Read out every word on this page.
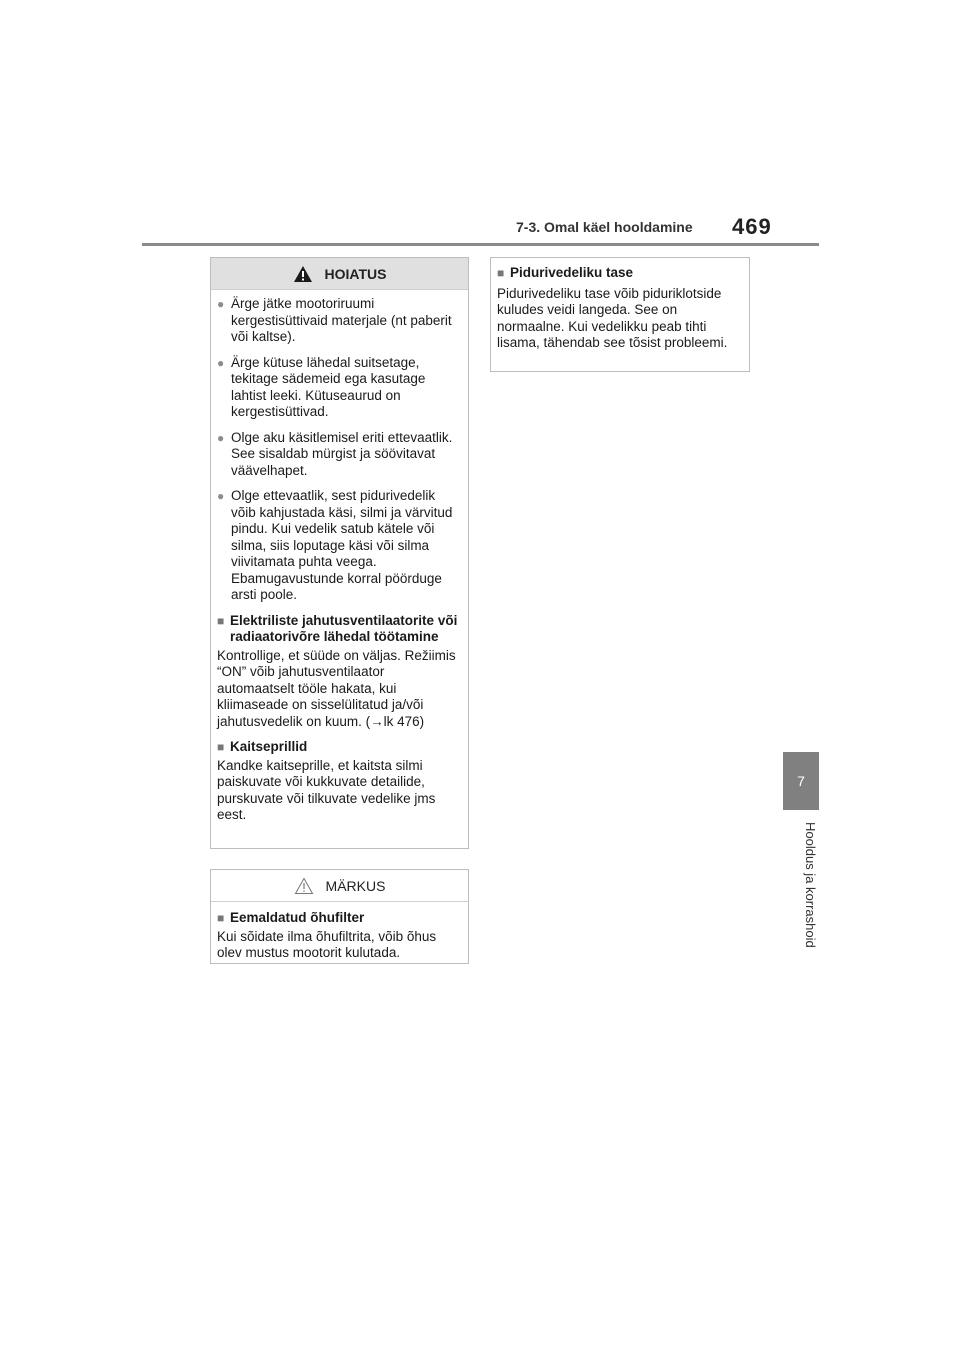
7-3. Omal käel hooldamine 469
7
Hooldus ja korrashoid
HOIATUS
● Ärge jätke mootoriruumi kergestisüttivaid materjale (nt paberit või kaltse).
● Ärge kütuse lähedal suitsetage, tekitage sädemeid ega kasutage lahtist leeki. Kütuseaurud on kergestisüttivad.
● Olge aku käsitlemisel eriti ettevaatlik. See sisaldab mürgist ja söövitavat väävelhapet.
● Olge ettevaatlik, sest pidurivedelik võib kahjustada käsi, silmi ja värvitud pindu. Kui vedelik satub kätele või silma, siis loputage käsi või silma viivitamata puhta veega. Ebamugavustunde korral pöörduge arsti poole.
■ Elektriliste jahutusventilaatorite või radiaatorivõre lähedal töötamine
Kontrollige, et süüde on väljas. Režiimis “ON” võib jahutusventilaator automaatselt tööle hakata, kui kliimaseade on sisselülitatud ja/või jahutusvedelik on kuum. (→lk 476)
■ Kaitseprillid
Kandke kaitseprille, et kaitsta silmi paiskuvate või kukkuvate detailide, purskuvate või tilkuvate vedelike jms eest.
MÄRKUS
■ Eemaldatud õhufilter
Kui sõidate ilma õhufiltrita, võib õhus olev mustus mootorit kulutada.
■ Pidurivedeliku tase
Pidurivedeliku tase võib piduriklotside kuludes veidi langeda. See on normaalne. Kui vedelikku peab tihti lisama, tähendab see tõsist probleemi.
